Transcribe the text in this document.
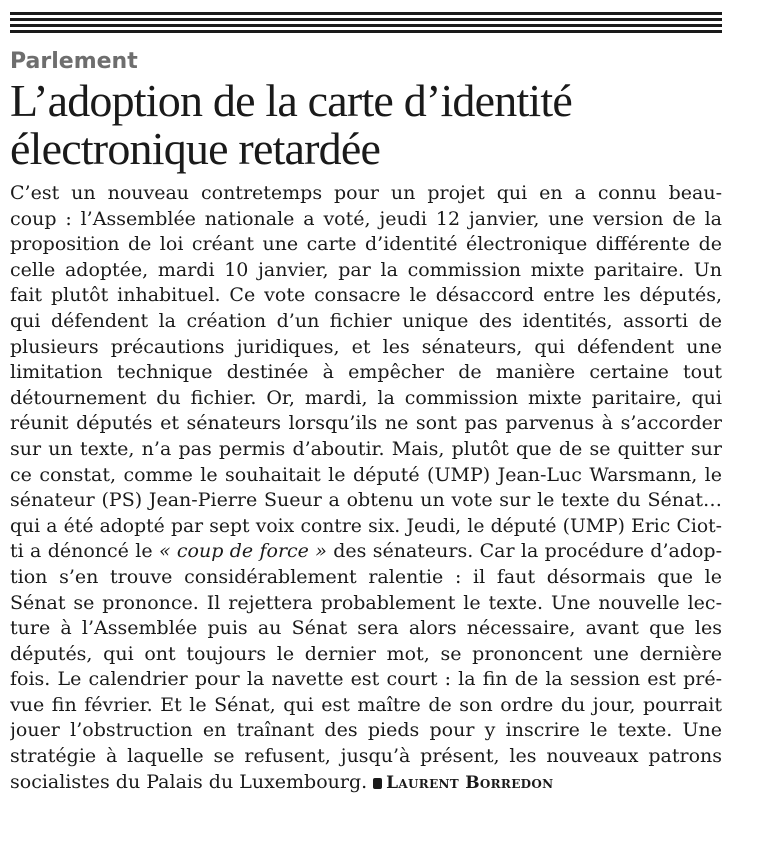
Parlement
L’adoption de la carte d’identité
électronique retardée
C’est un nouveau contretemps pour un projet qui en a connu beau-
coup : l’Assemblée nationale a voté, jeudi 12 janvier, une version de la
proposition de loi créant une carte d’identité électronique différente de
celle adoptée, mardi 10 janvier, par la commission mixte paritaire. Un
fait plutôt inhabituel. Ce vote consacre le désaccord entre les députés,
qui défendent la création d’un fichier unique des identités, assorti de
plusieurs précautions juridiques, et les sénateurs, qui défendent une
limitation technique destinée à empêcher de manière certaine tout
détournement du fichier. Or, mardi, la commission mixte paritaire, qui
réunit députés et sénateurs lorsqu’ils ne sont pas parvenus à s’accorder
sur un texte, n’a pas permis d’aboutir. Mais, plutôt que de se quitter sur
ce constat, comme le souhaitait le député (UMP) Jean-Luc Warsmann, le
sénateur (PS) Jean-Pierre Sueur a obtenu un vote sur le texte du Sénat…
qui a été adopté par sept voix contre six. Jeudi, le député (UMP) Eric Ciot-
ti a dénoncé le « coup de force » des sénateurs. Car la procédure d’adop-
tion s’en trouve considérablement ralentie : il faut désormais que le
Sénat se prononce. Il rejettera probablement le texte. Une nouvelle lec-
ture à l’Assemblée puis au Sénat sera alors nécessaire, avant que les
députés, qui ont toujours le dernier mot, se prononcent une dernière
fois. Le calendrier pour la navette est court : la fin de la session est pré-
vue fin février. Et le Sénat, qui est maître de son ordre du jour, pourrait
jouer l’obstruction en traînant des pieds pour y inscrire le texte. Une
stratégie à laquelle se refusent, jusqu’à présent, les nouveaux patrons
socialistes du Palais du Luxembourg. Laurent Borredon
